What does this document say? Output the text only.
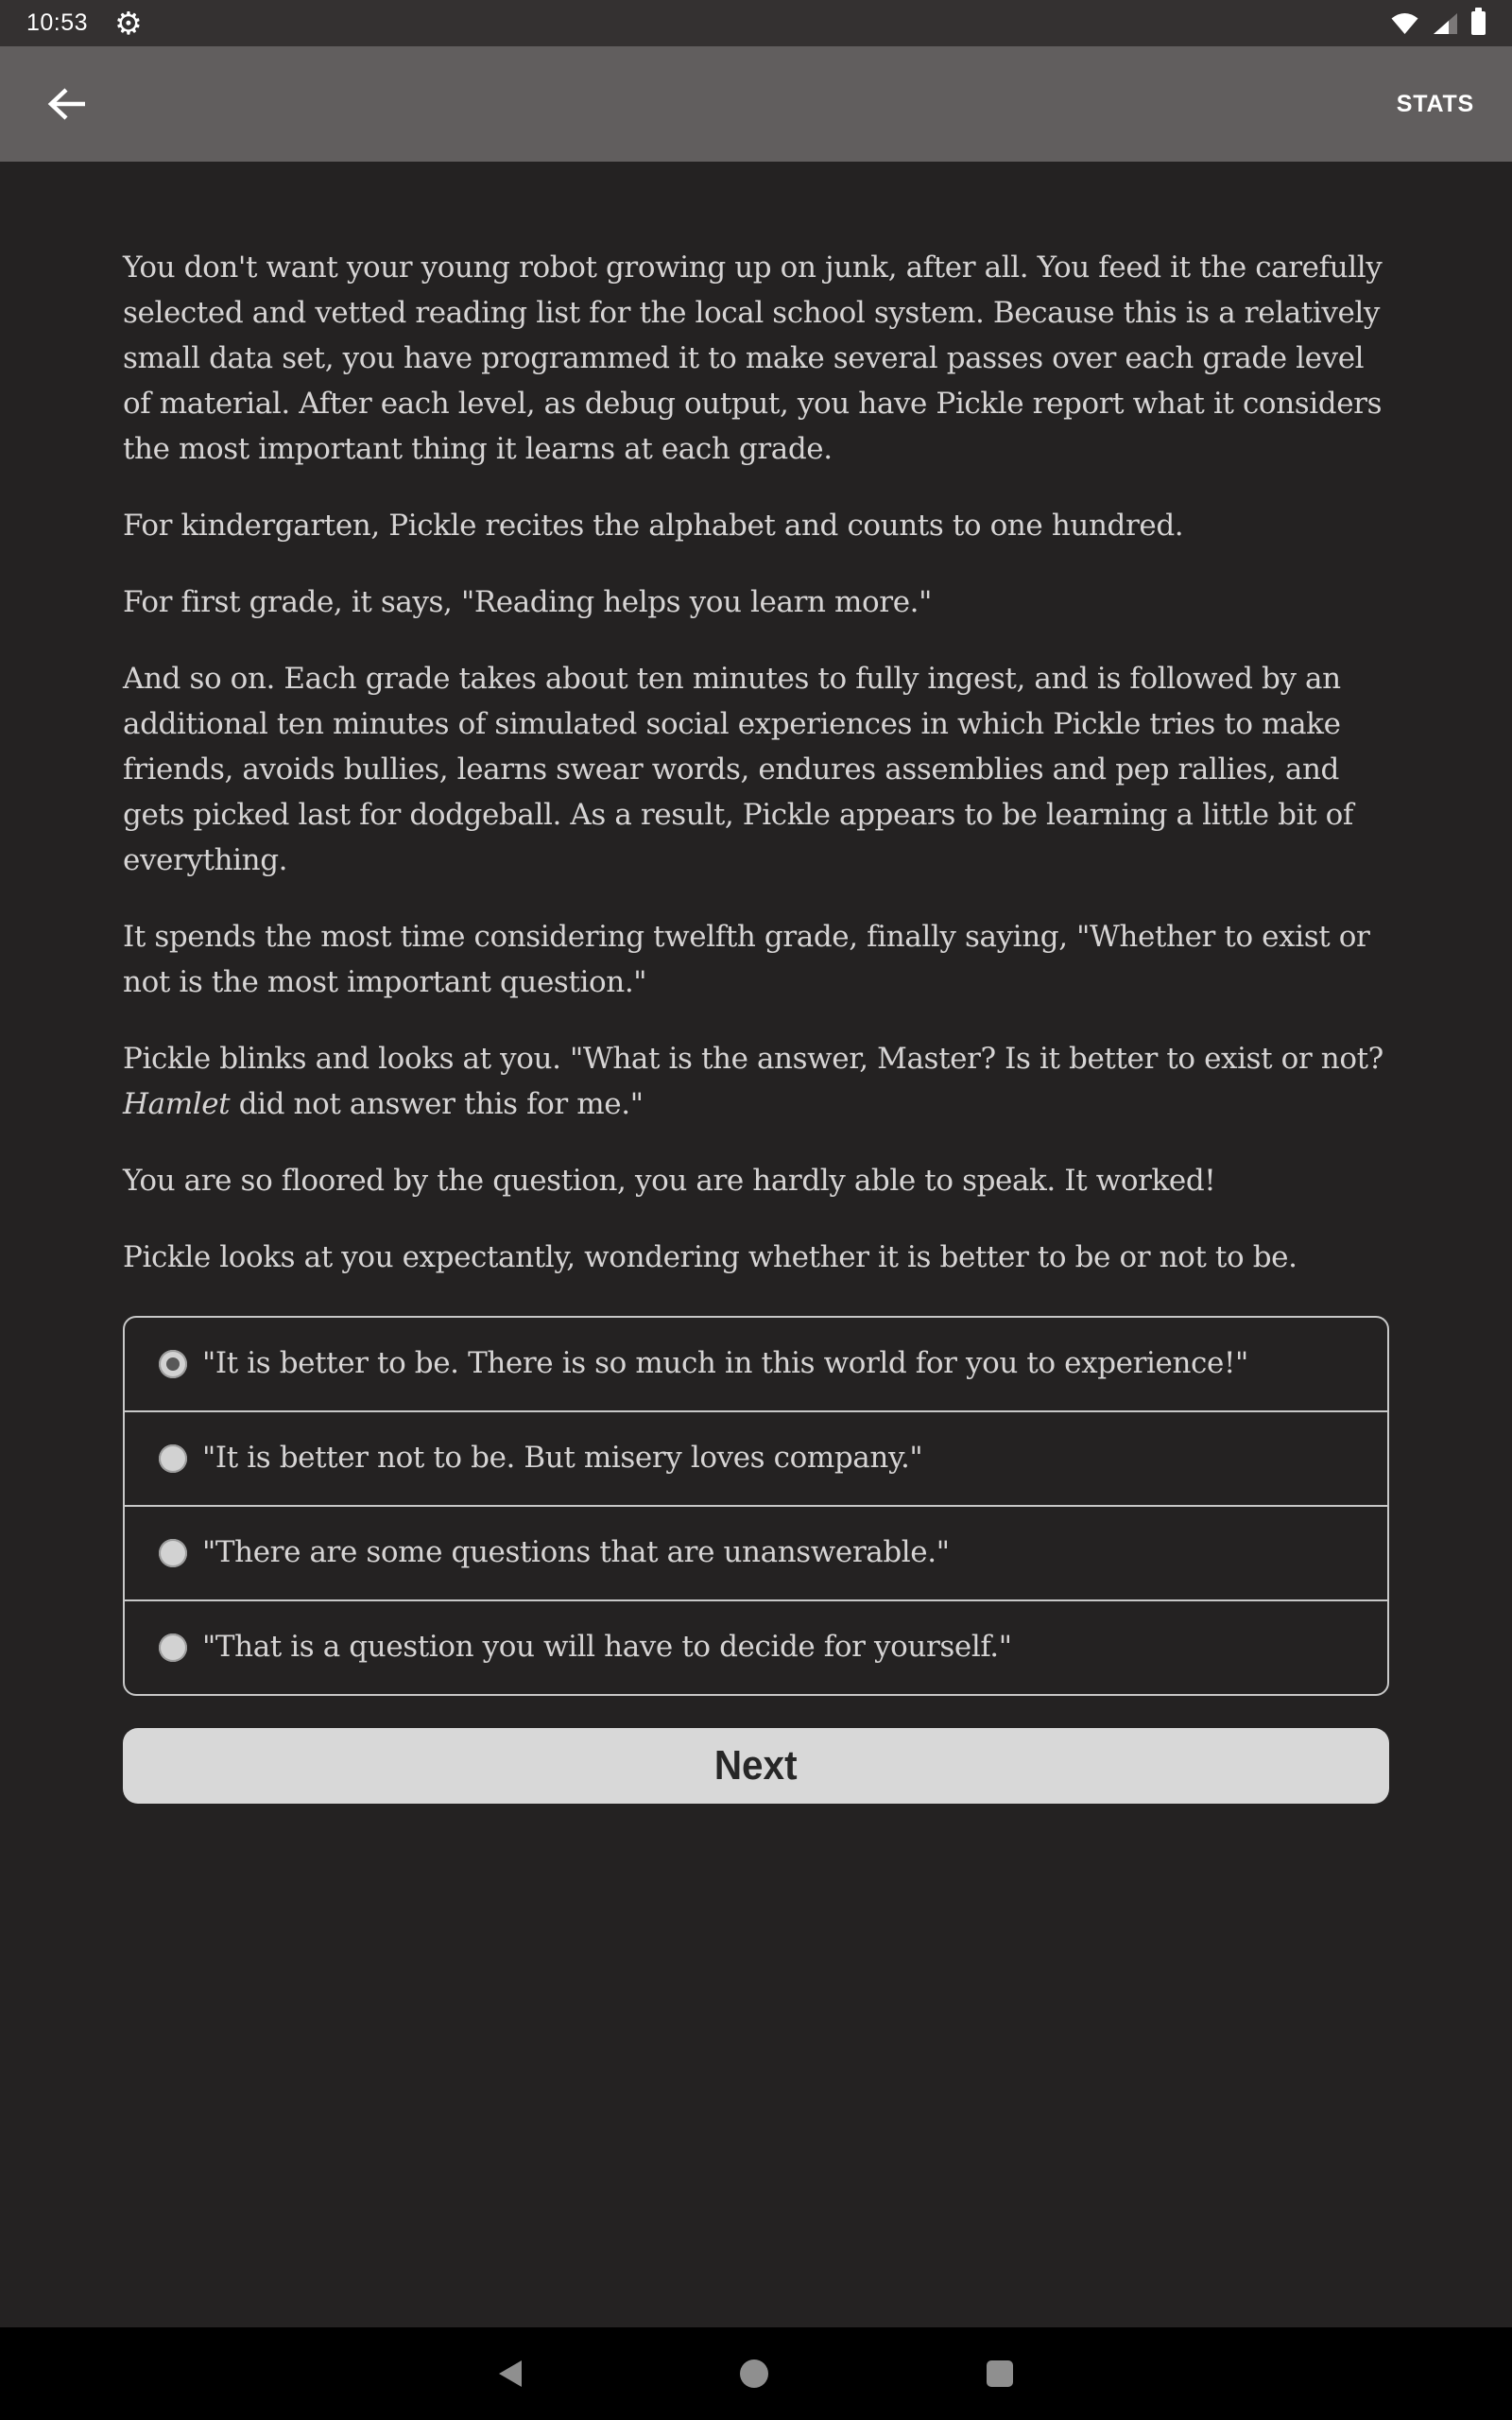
10:53 ⚙
STATS

You don't want your young robot growing up on junk, after all. You feed it the carefully selected and vetted reading list for the local school system. Because this is a relatively small data set, you have programmed it to make several passes over each grade level of material. After each level, as debug output, you have Pickle report what it considers the most important thing it learns at each grade.

For kindergarten, Pickle recites the alphabet and counts to one hundred.

For first grade, it says, "Reading helps you learn more."

And so on. Each grade takes about ten minutes to fully ingest, and is followed by an additional ten minutes of simulated social experiences in which Pickle tries to make friends, avoids bullies, learns swear words, endures assemblies and pep rallies, and gets picked last for dodgeball. As a result, Pickle appears to be learning a little bit of everything.

It spends the most time considering twelfth grade, finally saying, "Whether to exist or not is the most important question."

Pickle blinks and looks at you. "What is the answer, Master? Is it better to exist or not? Hamlet did not answer this for me."

You are so floored by the question, you are hardly able to speak. It worked!

Pickle looks at you expectantly, wondering whether it is better to be or not to be.

"It is better to be. There is so much in this world for you to experience!"
"It is better not to be. But misery loves company."
"There are some questions that are unanswerable."
"That is a question you will have to decide for yourself."
Next
